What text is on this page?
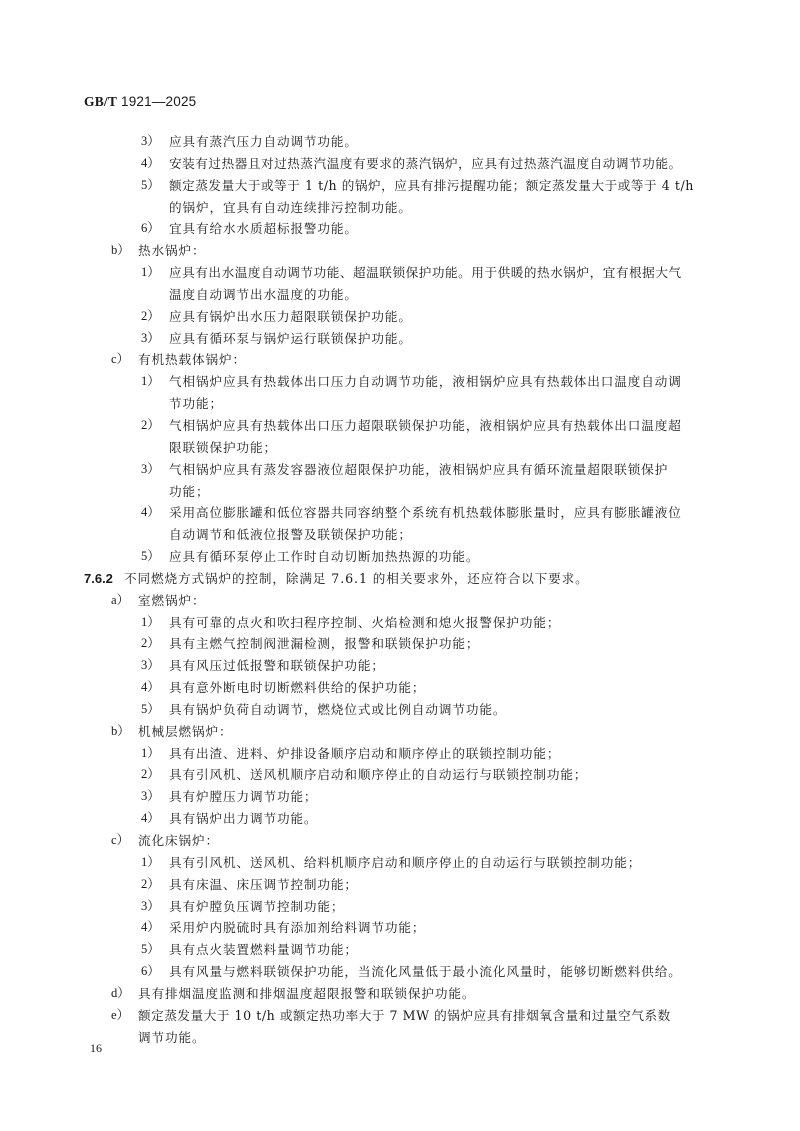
GB/T 1921—2025
3） 应具有蒸汽压力自动调节功能。
4） 安装有过热器且对过热蒸汽温度有要求的蒸汽锅炉，应具有过热蒸汽温度自动调节功能。
5） 额定蒸发量大于或等于 1 t/h 的锅炉，应具有排污提醒功能；额定蒸发量大于或等于 4 t/h
的锅炉，宜具有自动连续排污控制功能。
6） 宜具有给水水质超标报警功能。
b） 热水锅炉：
1） 应具有出水温度自动调节功能、超温联锁保护功能。用于供暖的热水锅炉，宜有根据大气
温度自动调节出水温度的功能。
2） 应具有锅炉出水压力超限联锁保护功能。
3） 应具有循环泵与锅炉运行联锁保护功能。
c） 有机热载体锅炉：
1） 气相锅炉应具有热载体出口压力自动调节功能，液相锅炉应具有热载体出口温度自动调
节功能；
2） 气相锅炉应具有热载体出口压力超限联锁保护功能，液相锅炉应具有热载体出口温度超
限联锁保护功能；
3） 气相锅炉应具有蒸发容器液位超限保护功能，液相锅炉应具有循环流量超限联锁保护
功能；
4） 采用高位膨胀罐和低位容器共同容纳整个系统有机热载体膨胀量时，应具有膨胀罐液位
自动调节和低液位报警及联锁保护功能；
5） 应具有循环泵停止工作时自动切断加热热源的功能。
7.6.2 不同燃烧方式锅炉的控制，除满足 7.6.1 的相关要求外，还应符合以下要求。
a） 室燃锅炉：
1） 具有可靠的点火和吹扫程序控制、火焰检测和熄火报警保护功能；
2） 具有主燃气控制阀泄漏检测，报警和联锁保护功能；
3） 具有风压过低报警和联锁保护功能；
4） 具有意外断电时切断燃料供给的保护功能；
5） 具有锅炉负荷自动调节，燃烧位式或比例自动调节功能。
b） 机械层燃锅炉：
1） 具有出渣、进料、炉排设备顺序启动和顺序停止的联锁控制功能；
2） 具有引风机、送风机顺序启动和顺序停止的自动运行与联锁控制功能；
3） 具有炉膛压力调节功能；
4） 具有锅炉出力调节功能。
c） 流化床锅炉：
1） 具有引风机、送风机、给料机顺序启动和顺序停止的自动运行与联锁控制功能；
2） 具有床温、床压调节控制功能；
3） 具有炉膛负压调节控制功能；
4） 采用炉内脱硫时具有添加剂给料调节功能；
5） 具有点火装置燃料量调节功能；
6） 具有风量与燃料联锁保护功能，当流化风量低于最小流化风量时，能够切断燃料供给。
d） 具有排烟温度监测和排烟温度超限报警和联锁保护功能。
e） 额定蒸发量大于 10 t/h 或额定热功率大于 7 MW 的锅炉应具有排烟氧含量和过量空气系数
调节功能。
16
